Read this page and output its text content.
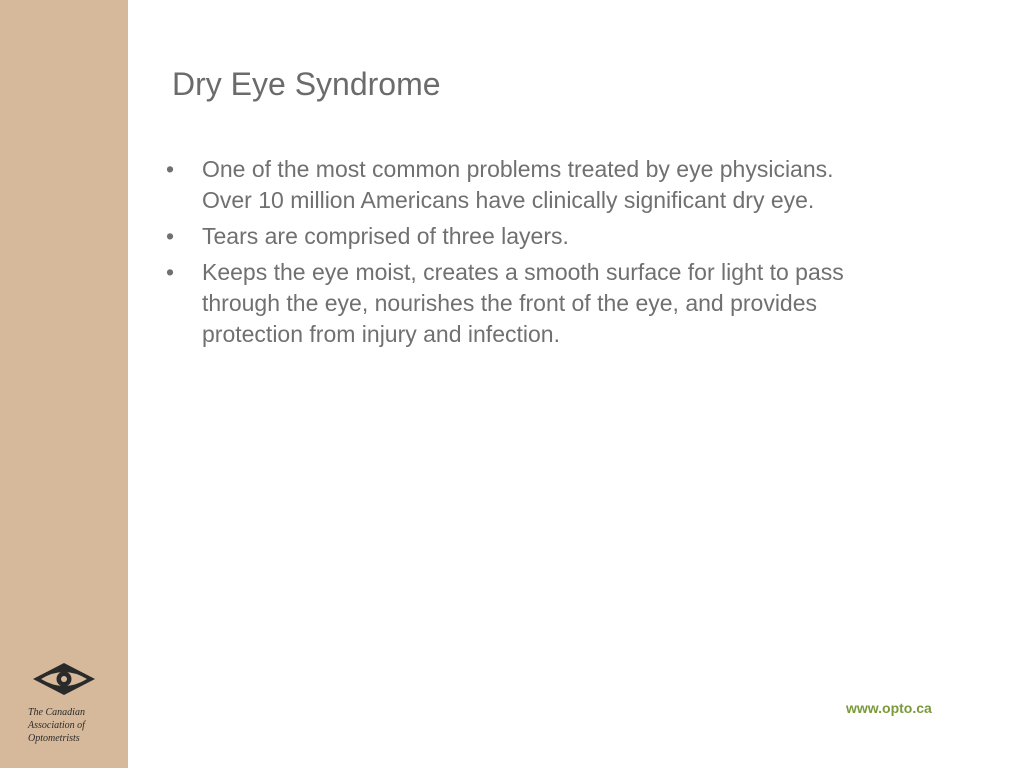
The Canadian
Association of
Optometrists
Dry Eye Syndrome
• One of the most common problems treated by eye physicians. Over 10 million Americans have clinically significant dry eye.
• Tears are comprised of three layers.
• Keeps the eye moist, creates a smooth surface for light to pass through the eye, nourishes the front of the eye, and provides protection from injury and infection.
www.opto.ca
